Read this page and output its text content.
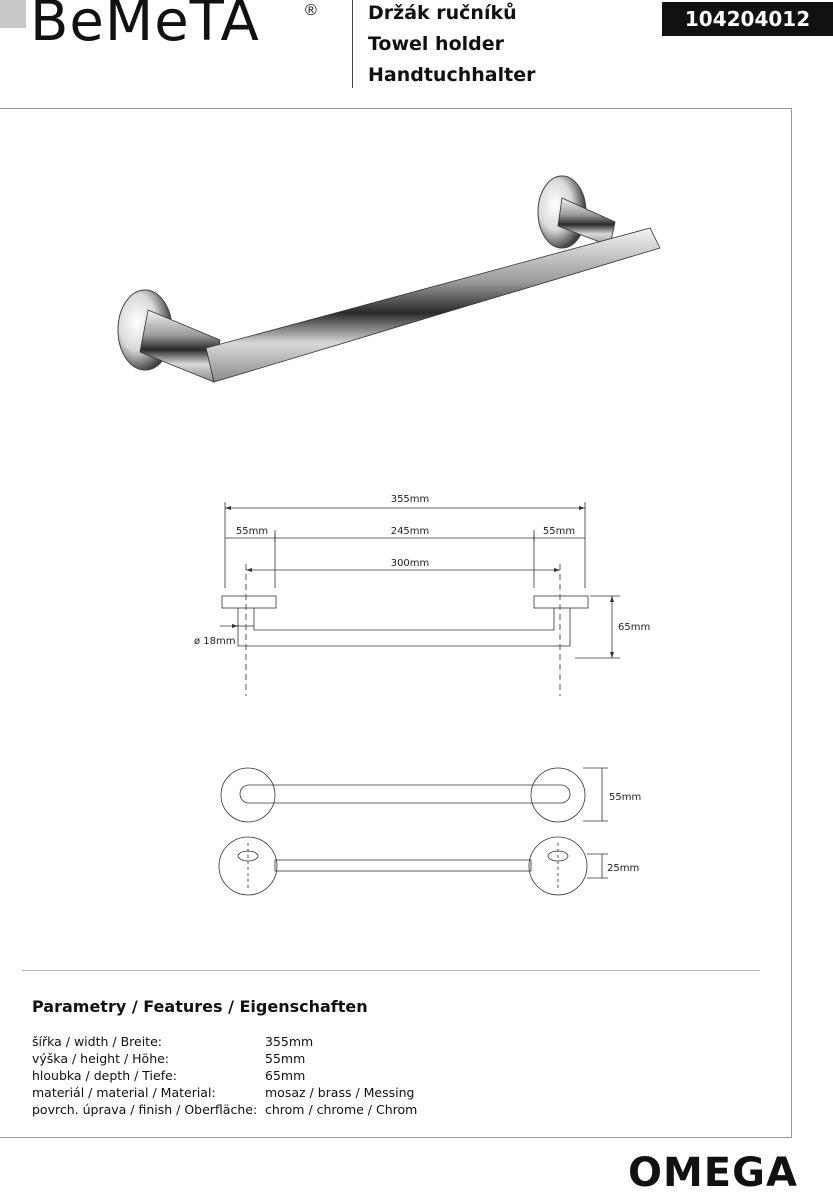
BeMeTA	®	Držák ručníků
Towel holder
Handtuchhalter
104204012
355mm
55mm	245mm	55mm
300mm
65mm
ø 18mm
55mm
25mm
Parametry / Features / Eigenschaften
šířka / width / Breite:	355mm
výška / height / Höhe:	55mm
hloubka / depth / Tiefe:	65mm
materiál / material / Material:	mosaz / brass / Messing
povrch. úprava / finish / Oberfläche: chrom / chrome / Chrom
OMEGA
